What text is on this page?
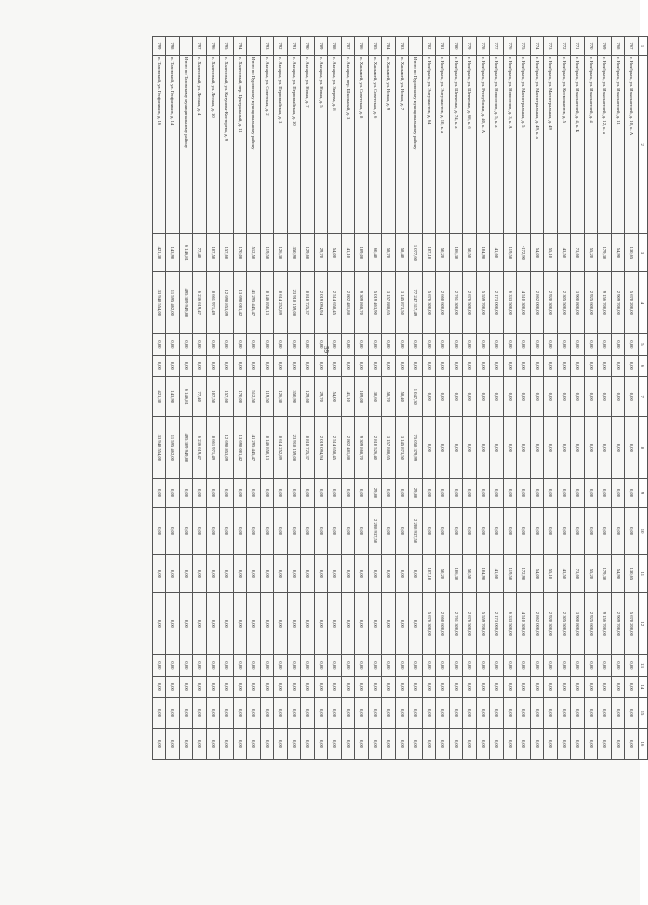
59
1	2	3	4	5	6	7	8	9	10	11	12	13	14	15	16
767	г. Ноябрьск, ул. Изыскателей, д. 10, к. А	130,65	5 670 200,00	0,00	0,00	0,00	0,00	0,00	0,00	130,65	5 670 200,00	0,00	0,00	0,00	0,00
768	г. Ноябрьск, ул. Изыскателей, д. 11	54,90	2 909 700,00	0,00	0,00	0,00	0,00	0,00	0,00	54,90	2 909 700,00	0,00	0,00	0,00	0,00
769	г. Ноябрьск, ул. Изыскателей, д. 12, к. а	179,30	9 156 700,00	0,00	0,00	0,00	0,00	0,00	0,00	179,30	9 156 700,00	0,00	0,00	0,00	0,00
770	г. Ноябрьск, ул. Изыскателей, д. 4	55,20	2 925 600,00	0,00	0,00	0,00	0,00	0,00	0,00	55,20	2 925 600,00	0,00	0,00	0,00	0,00
771	г. Ноябрьск, ул. Изыскателей, д. 4, к. Б	73,60	3 900 800,00	0,00	0,00	0,00	0,00	0,00	0,00	73,60	3 900 800,00	0,00	0,00	0,00	0,00
772	г. Ноябрьск, ул. Космонавтов, д. 5	43,50	2 305 500,00	0,00	0,00	0,00	0,00	0,00	0,00	43,50	2 305 500,00	0,00	0,00	0,00	0,00
773	г. Ноябрьск, ул. Магистральная, д. 49	55,10	2 920 300,00	0,00	0,00	0,00	0,00	0,00	0,00	55,10	2 920 300,00	0,00	0,00	0,00	0,00
774	г. Ноябрьск, ул. Магистральная, д. 49, к. а	54,00	2 862 000,00	0,00	0,00	0,00	0,00	0,00	0,00	54,00	2 862 000,00	0,00	0,00	0,00	0,00
775	г. Ноябрьск, ул. Магистральная, д. 5	-172,90	4 510 300,00	0,00	0,00	0,00	0,00	0,00	0,00	172,90	4 510 300,00	0,00	0,00	0,00	0,00
776	г. Ноябрьск, ул. Новоселов, д. 3, к. А	119,50	6 333 500,00	0,00	0,00	0,00	0,00	0,00	0,00	119,50	6 333 500,00	0,00	0,00	0,00	0,00
777	г. Ноябрьск, ул. Новоселов, д. 5, к. а	41,60	2 173 000,00	0,00	0,00	0,00	0,00	0,00	0,00	41,60	2 173 000,00	0,00	0,00	0,00	0,00
778	г. Ноябрьск, ул. Республики, д. 40, к. А	104,90	5 559 700,00	0,00	0,00	0,00	0,00	0,00	0,00	104,90	5 559 700,00	0,00	0,00	0,00	0,00
779	г. Ноябрьск, ул. Шевченко, д. 68, к. б	50,50	2 676 500,00	0,00	0,00	0,00	0,00	0,00	0,00	50,50	2 676 500,00	0,00	0,00	0,00	0,00
780	г. Ноябрьск, ул. Шевченко, д. 74, к. а	106,30	2 761 300,00	0,00	0,00	0,00	0,00	0,00	0,00	106,30	2 761 300,00	0,00	0,00	0,00	0,00
781	г. Ноябрьск, ул. Энтузиастов, д. 10, к. а	50,20	2 660 600,00	0,00	0,00	0,00	0,00	0,00	0,00	50,20	2 660 600,00	0,00	0,00	0,00	0,00
782	г. Ноябрьск, ул. Энтузиастов, д. 64	107,10	5 676 300,00	0,00	0,00	0,00	0,00	0,00	0,00	107,10	5 676 300,00	0,00	0,00	0,00	0,00
	Итого по Пуровскому муниципальному району	1 077,60	77 247 317,49	0,00	0,00	1 047,30	75 058 379,99	29,80	2 208 937,50	0,00	0,00	0,00	0,00	0,00	0,00
783	п. Ханымей, ул. Новая, д. 7	58,40	3 145 873,50	0,00	0,00	58,40	3 145 873,50	0,00	0,00	0,00	0,00	0,00	0,00	0,00	0,00
784	п. Ханымей, ул. Новая, д. 9	58,70	3 157 888,65	0,00	0,00	58,70	3 157 888,65	0,00	0,00	0,00	0,00	0,00	0,00	0,00	0,00
785	п. Ханымей, ул. Советская, д. 6	60,40	5 019 463,90	0,00	0,00	30,60	2 810 526,40	29,80	2 208 937,50	0,00	0,00	0,00	0,00	0,00	0,00
786	п. Ханымей, ул. Советская, д. 8	109,00	9 309 868,70	0,00	0,00	109,00	9 309 868,70	0,00	0,00	0,00	0,00	0,00	0,00	0,00	0,00
787	с. Аксарка, пер. Школьный, д. 3	41,10	2 802 481,88	0,00	0,00	41,10	2 802 481,88	0,00	0,00	0,00	0,00	0,00	0,00	0,00	0,00
788	с. Аксарка, ул. Зверева, д. 8	54,00	2 514 658,45	0,00	0,00	54,00	2 514 658,45	0,00	0,00	0,00	0,00	0,00	0,00	0,00	0,00
789	с. Аксарка, ул. Новая, д. 5	29,70	2 019 094,94	0,00	0,00	29,70	2 019 094,94	0,00	0,00	0,00	0,00	0,00	0,00	0,00	0,00
790	с. Аксарка, ул. Новая, д. 7	129,60	8 818 725,37	0,00	0,00	129,60	8 818 725,37	0,00	0,00	0,00	0,00	0,00	0,00	0,00	0,00
791	с. Аксарка, ул. Первомайская, д. 10	350,90	23 918 159,08	0,00	0,00	350,90	23 918 159,08	0,00	0,00	0,00	0,00	0,00	0,00	0,00	0,00
792	с. Аксарка, ул. Первомайская, д. 3	126,30	8 614 252,89	0,00	0,00	126,30	8 614 252,89	0,00	0,00	0,00	0,00	0,00	0,00	0,00	0,00
793	с. Аксарка, ул. Советская, д. 2	119,50	8 146 850,13	0,00	0,00	119,50	8 146 850,13	0,00	0,00	0,00	0,00	0,00	0,00	0,00	0,00
	Итого по Пуровскому муниципальному району	512,50	41 295 445,47	0,00	0,00	512,50	41 295 445,47	0,00	0,00	0,00	0,00	0,00	0,00	0,00	0,00
794	с. Халесовый, пер. Центральный, д. 11	170,00	13 698 001,42	0,00	0,00	170,00	13 698 001,42	0,00	0,00	0,00	0,00	0,00	0,00	0,00	0,00
795	с. Халесовый, ул. Катунова-Косторева, д. 9	157,60	12 698 853,09	0,00	0,00	157,60	12 698 853,09	0,00	0,00	0,00	0,00	0,00	0,00	0,00	0,00
796	с. Халесовый, ул. Лесная, д. 10	107,50	8 661 971,49	0,00	0,00	107,50	8 661 971,49	0,00	0,00	0,00	0,00	0,00	0,00	0,00	0,00
797	с. Халесовый, ул. Лесная, д. 4	77,40	6 236 619,47	0,00	0,00	77,40	6 236 619,47	0,00	0,00	0,00	0,00	0,00	0,00	0,00	0,00
	Итого по Тазовскому муниципальному району	6 146,81	495 309 949,80	0,00	0,00	6 146,81	495 309 949,80	0,00	0,00	0,00	0,00	0,00	0,00	0,00	0,00
798	п. Тазовский, ул. Геофизиков, д. 14	143,90	11 595 462,00	0,00	0,00	143,90	11 595 462,00	0,00	0,00	0,00	0,00	0,00	0,00	0,00	0,00
799	п. Тазовский, ул. Геофизиков, д. 16	421,30	33 948 554,00	0,00	0,00	421,30	33 948 554,00	0,00	0,00	0,00	0,00	0,00	0,00	0,00	0,00
